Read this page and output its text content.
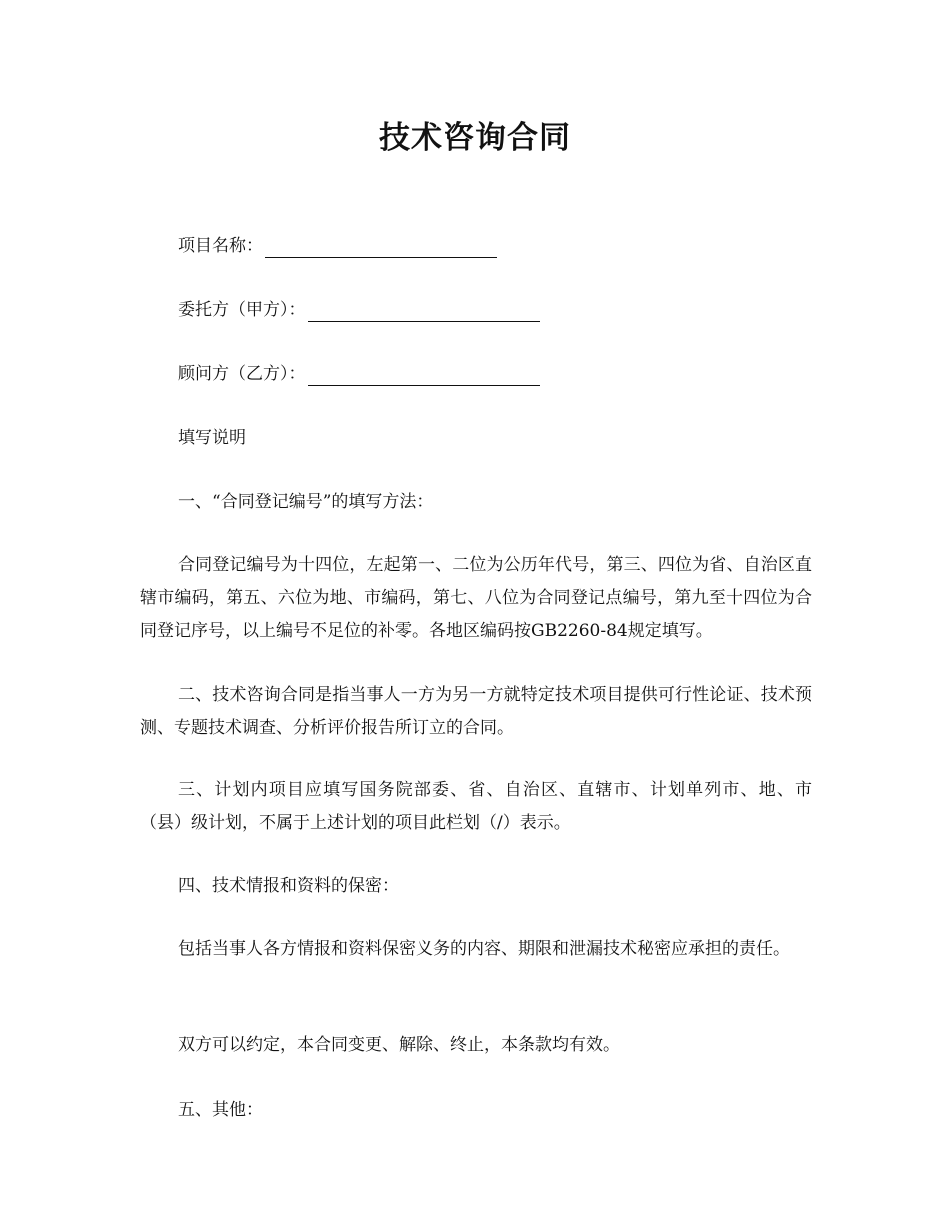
技术咨询合同
项目名称：
委托方（甲方）：
顾问方（乙方）：

填写说明

一、“合同登记编号”的填写方法：

合同登记编号为十四位，左起第一、二位为公历年代号，第三、四位为省、自治区直辖市编码，第五、六位为地、市编码，第七、八位为合同登记点编号，第九至十四位为合同登记序号，以上编号不足位的补零。各地区编码按GB2260-84规定填写。

二、技术咨询合同是指当事人一方为另一方就特定技术项目提供可行性论证、技术预测、专题技术调查、分析评价报告所订立的合同。

三、计划内项目应填写国务院部委、省、自治区、直辖市、计划单列市、地、市（县）级计划，不属于上述计划的项目此栏划（/）表示。

四、技术情报和资料的保密：

包括当事人各方情报和资料保密义务的内容、期限和泄漏技术秘密应承担的责任。

双方可以约定，本合同变更、解除、终止，本条款均有效。

五、其他：
